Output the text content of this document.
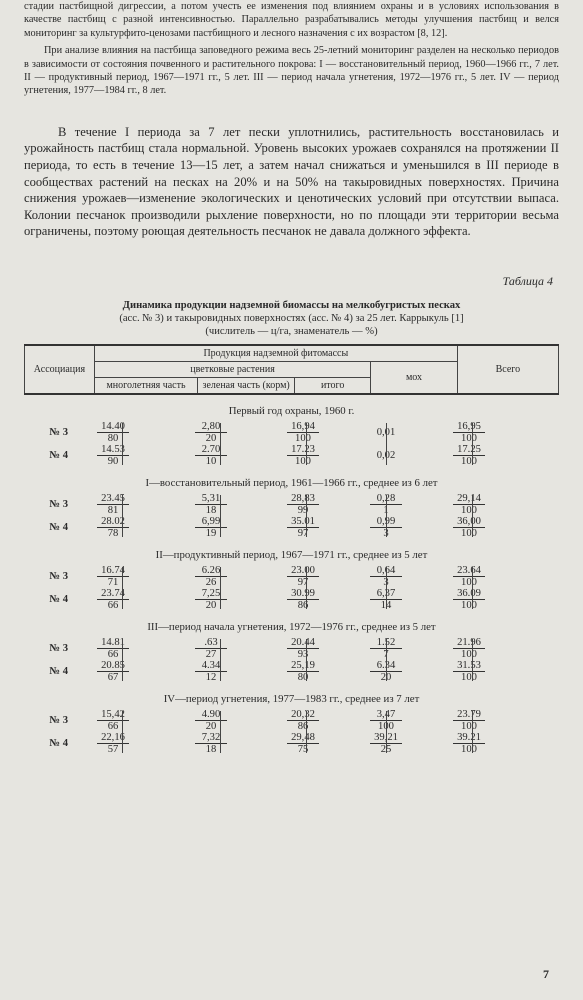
стадии пастбищной дигрессии, а потом учесть ее изменения под влиянием охраны и в условиях использования в качестве пастбищ с разной интенсивностью. Параллельно разрабатывались методы улучшения пастбищ и велся мониторинг за культурфито-ценозами пастбищного и лесного назначения с их возрастом [8, 12].

При анализе влияния на пастбища заповедного режима весь 25-летний мониторинг разделен на несколько периодов в зависимости от состояния почвенного и растительного покрова: I — восстановительный период, 1960—1966 гг., 7 лет. II — продуктивный период, 1967—1971 гг., 5 лет. III — период начала угнетения, 1972—1976 гг., 5 лет. IV — период угнетения, 1977—1984 гг., 8 лет.

В течение I периода за 7 лет пески уплотнились, растительность восстановилась и урожайность пастбищ стала нормальной. Уровень высоких урожаев сохранялся на протяжении II периода, то есть в течение 13—15 лет, а затем начал снижаться и уменьшился в III периоде в сообществах растений на песках на 20% и на 50% на такыровидных поверхностях. Причина снижения урожаев—изменение экологических и ценотических условий при отсутствии выпаса. Колонии песчанок производили рыхление поверхности, но по площади эти территории весьма ограничены, поэтому роющая деятельность песчанок не давала должного эффекта.

Таблица 4
Динамика продукции надземной биомассы на мелкобугристых песках
(асс. № 3) и такыровидных поверхностях (асс. № 4) за 25 лет. Каррыкуль [1]
(числитель — ц/га, знаменатель — %)
Ассоциация	Продукция надземной фитомассы				Всего
	цветковые растения			мох	
	многолетняя часть	зеленая часть (корм)	итого		
Первый год охраны, 1960 г.
№ 3	$\frac{14.40}{80}$	$\frac{2,80}{20}$	$\frac{16,94}{100}$	0,01	$\frac{16,95}{100}$
№ 4	$\frac{14.53}{90}$	$\frac{2.70}{10}$	$\frac{17.23}{100}$	0,02	$\frac{17.25}{100}$
I—восстановительный период, 1961—1966 гг., среднее из 6 лет
№ 3	$\frac{23.45}{81}$	$\frac{5,31}{18}$	$\frac{28,83}{99}$	$\frac{0,28}{1}$	$\frac{29,14}{100}$
№ 4	$\frac{28.02}{78}$	$\frac{6,99}{19}$	$\frac{35.01}{97}$	$\frac{0,99}{3}$	$\frac{36,00}{100}$
II—продуктивный период, 1967—1971 гг., среднее из 5 лет
№ 3	$\frac{16.74}{71}$	$\frac{6.26}{26}$	$\frac{23.00}{97}$	$\frac{0,64}{3}$	$\frac{23.64}{100}$
№ 4	$\frac{23.74}{66}$	$\frac{7,25}{20}$	$\frac{30.99}{86}$	$\frac{6,37}{14}$	$\frac{36.09}{100}$
III—период начала угнетения, 1972—1976 гг., среднее из 5 лет
№ 3	$\frac{14.81}{66}$	$\frac{.63}{27}$	$\frac{20.44}{93}$	$\frac{1.52}{7}$	$\frac{21.96}{100}$
№ 4	$\frac{20.85}{67}$	$\frac{4.34}{12}$	$\frac{25,19}{80}$	$\frac{6.34}{20}$	$\frac{31.53}{100}$
IV—период угнетения, 1977—1983 гг., среднее из 7 лет
№ 3	$\frac{15,42}{66}$	$\frac{4.90}{20}$	$\frac{20,32}{86}$	$\frac{3,47}{100}$	$\frac{23.79}{100}$
№ 4	$\frac{22,16}{57}$	$\frac{7,32}{18}$	$\frac{29,48}{75}$	$\frac{39,21}{25}$	$\frac{39.21}{100}$
7
